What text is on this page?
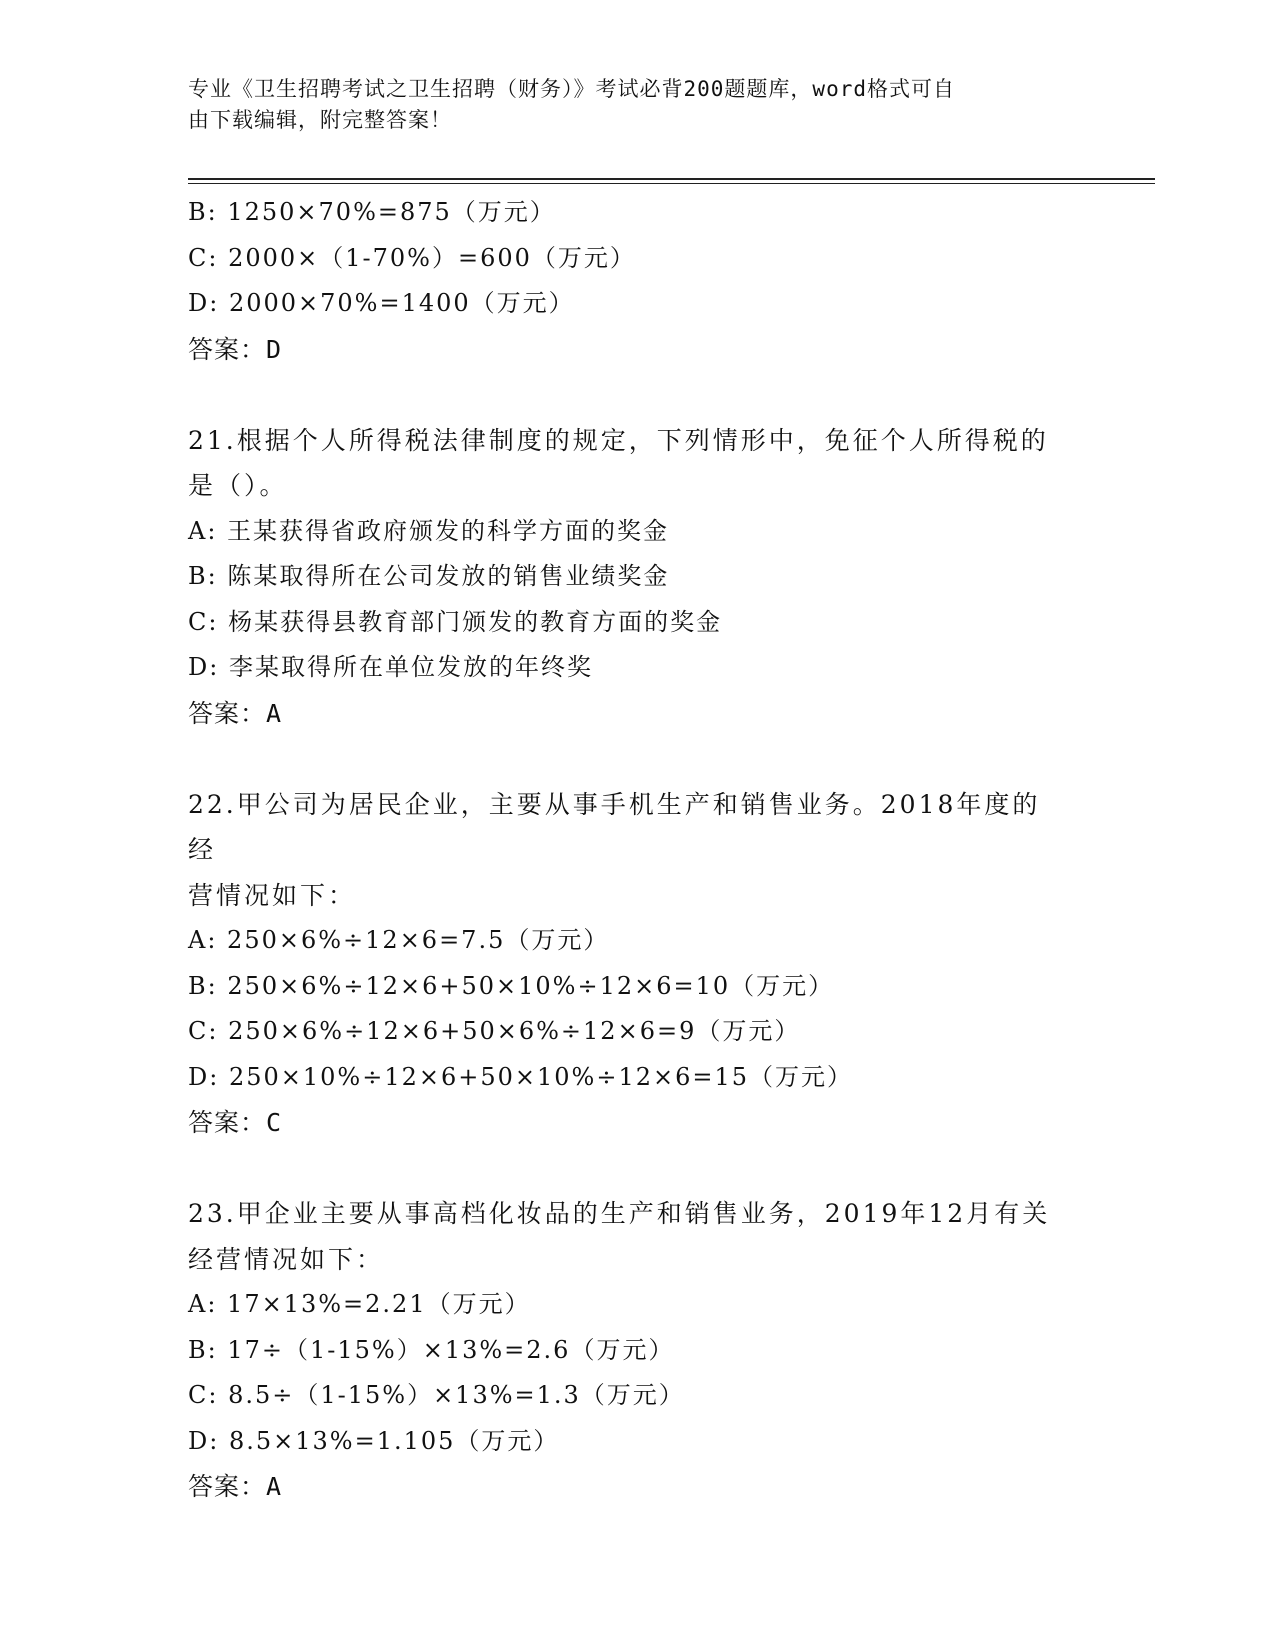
专业《卫生招聘考试之卫生招聘（财务）》考试必背200题题库，word格式可自
由下载编辑，附完整答案！
B: 1250×70%=875（万元）
C: 2000×（1-70%）=600（万元）
D: 2000×70%=1400（万元）
答案：D
21.根据个人所得税法律制度的规定，下列情形中，免征个人所得税的
是（）。
A: 王某获得省政府颁发的科学方面的奖金
B: 陈某取得所在公司发放的销售业绩奖金
C: 杨某获得县教育部门颁发的教育方面的奖金
D: 李某取得所在单位发放的年终奖
答案：A
22.甲公司为居民企业，主要从事手机生产和销售业务。2018年度的经
营情况如下：
A: 250×6%÷12×6=7.5（万元）
B: 250×6%÷12×6+50×10%÷12×6=10（万元）
C: 250×6%÷12×6+50×6%÷12×6=9（万元）
D: 250×10%÷12×6+50×10%÷12×6=15（万元）
答案：C
23.甲企业主要从事高档化妆品的生产和销售业务，2019年12月有关
经营情况如下：
A: 17×13%=2.21（万元）
B: 17÷（1-15%）×13%=2.6（万元）
C: 8.5÷（1-15%）×13%=1.3（万元）
D: 8.5×13%=1.105（万元）
答案：A
